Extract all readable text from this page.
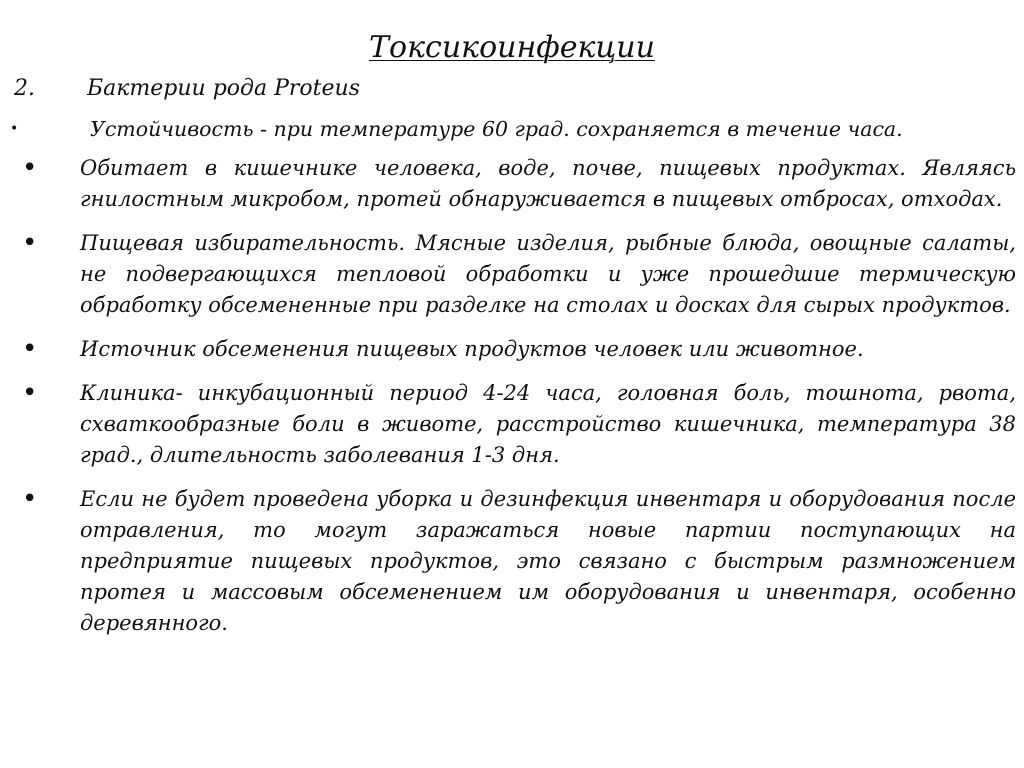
Токсикоинфекции
2. Бактерии рода Proteus
•	Устойчивость - при температуре 60 град. сохраняется в течение часа.
• Обитает в кишечнике человека, воде, почве, пищевых продуктах. Являясь гнилостным микробом, протей обнаруживается в пищевых отбросах, отходах.
• Пищевая избирательность. Мясные изделия, рыбные блюда, овощные салаты, не подвергающихся тепловой обработки и уже прошедшие термическую обработку обсемененные при разделке на столах и досках для сырых продуктов.
• Источник обсеменения пищевых продуктов человек или животное.
• Клиника- инкубационный период 4-24 часа, головная боль, тошнота, рвота, схваткообразные боли в животе, расстройство кишечника, температура 38 град., длительность заболевания 1-3 дня.
• Если не будет проведена уборка и дезинфекция инвентаря и оборудования после отравления, то могут заражаться новые партии поступающих на предприятие пищевых продуктов, это связано с быстрым размножением протея и массовым обсеменением им оборудования и инвентаря, особенно деревянного.
